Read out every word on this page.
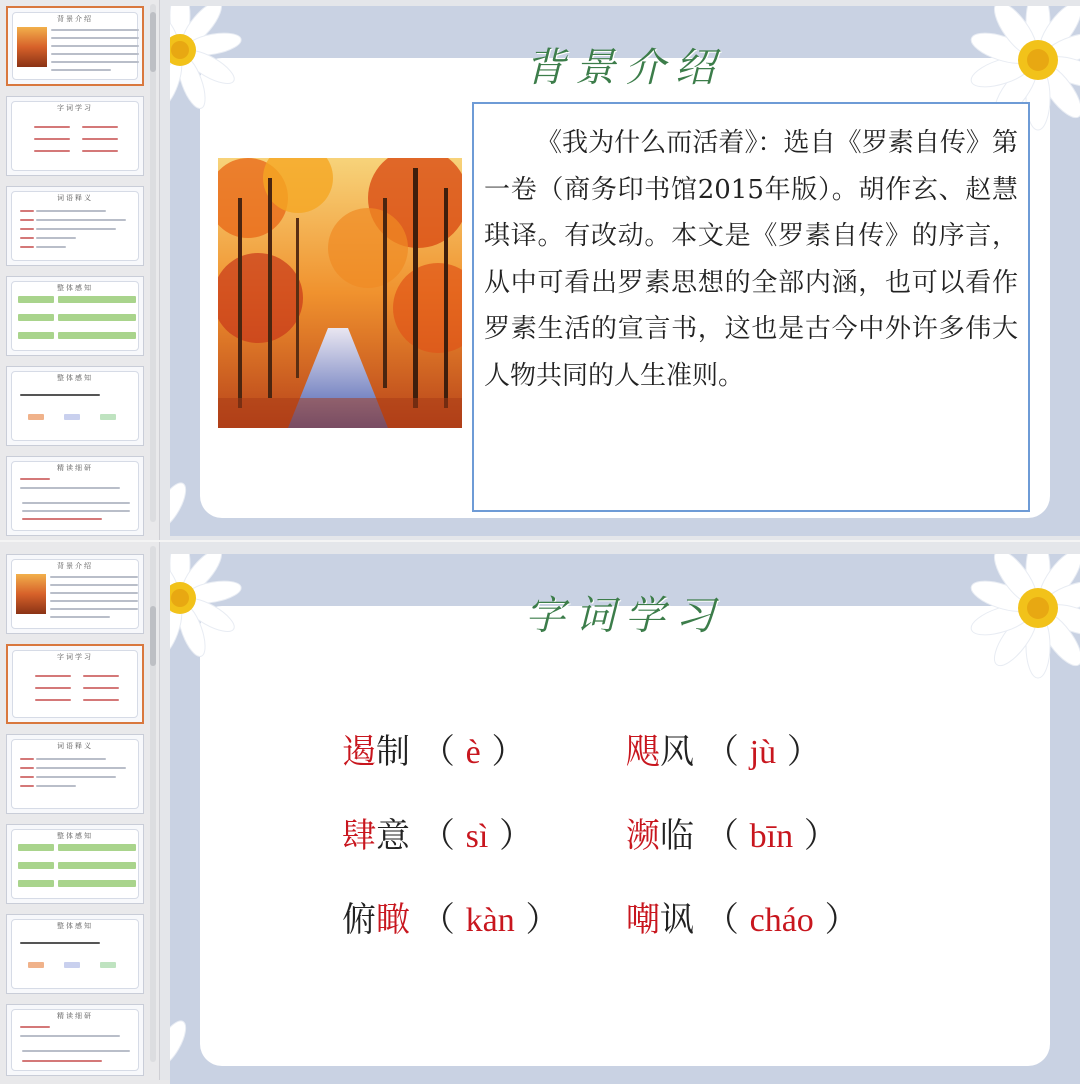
背景介绍
字词学习
词语释义
整体感知
整体感知
精读细研
背景介绍

《我为什么而活着》：选自《罗素自传》第一卷（商务印书馆2015年版）。胡作玄、赵慧琪译。有改动。本文是《罗素自传》的序言，从中可看出罗素思想的全部内涵，也可以看作罗素生活的宣言书，这也是古今中外许多伟大人物共同的人生准则。

背景介绍
字词学习
词语释义
整体感知
整体感知
精读细研
字词学习
遏制 （ è ）	飓风 （ jù ）
肆意 （ sì ）	濒临 （ bīn ）
俯瞰 （ kàn ） 嘲讽 （ cháo ）
